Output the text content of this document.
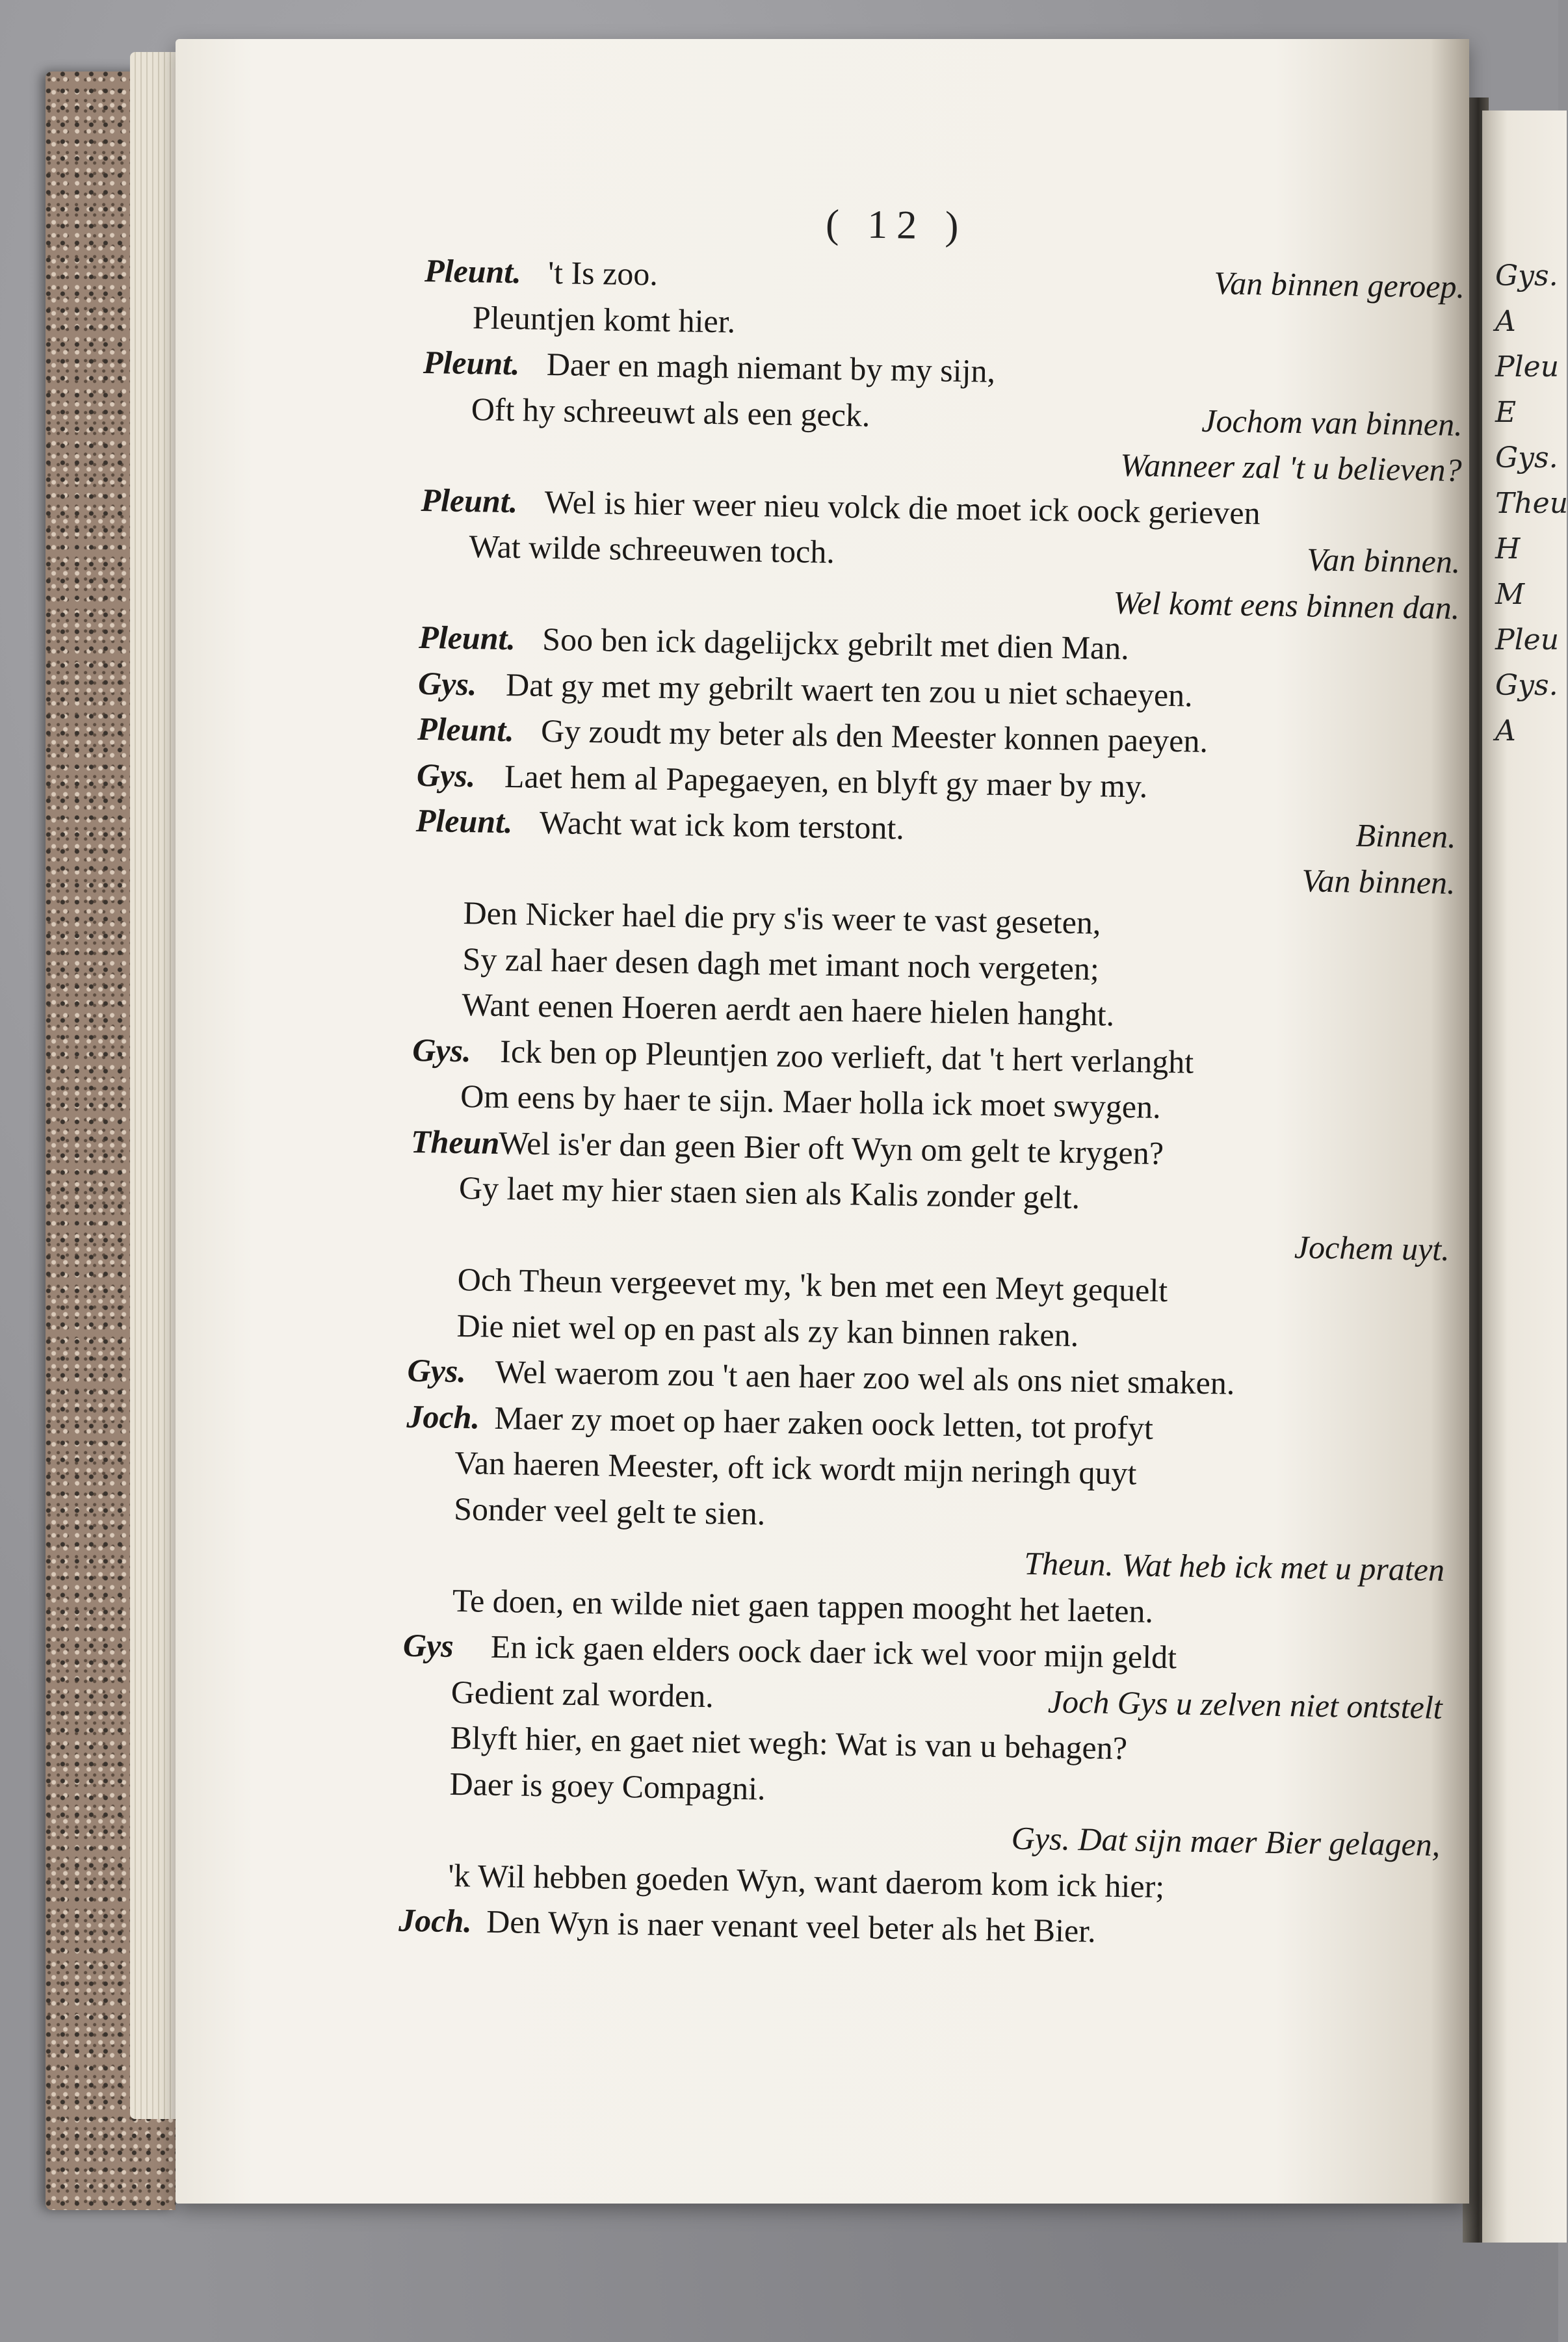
Gys.
A
Pleu
E
Gys.
Theu
H
M
Pleu
Gys.
A
( 12 )
Pleunt. 't Is zoo.	Van binnen geroep.
Pleuntjen komt hier.
Pleunt. Daer en magh niemant by my sijn,
Oft hy schreeuwt als een geck.	Jochom van binnen.
Wanneer zal 't u believen?
Pleunt. Wel is hier weer nieu volck die moet ick oock gerieven
Wat wilde schreeuwen toch.	Van binnen.
Wel komt eens binnen dan.
Pleunt. Soo ben ick dagelijckx gebrilt met dien Man.
Gys. Dat gy met my gebrilt waert ten zou u niet schaeyen.
Pleunt. Gy zoudt my beter als den Meester konnen paeyen.
Gys. Laet hem al Papegaeyen, en blyft gy maer by my.
Pleunt. Wacht wat ick kom terstont.	Binnen.
Van binnen.
Den Nicker hael die pry s'is weer te vast geseten,
Sy zal haer desen dagh met imant noch vergeten;
Want eenen Hoeren aerdt aen haere hielen hanght.
Gys. Ick ben op Pleuntjen zoo verlieft, dat 't hert verlanght
Om eens by haer te sijn. Maer holla ick moet swygen.
Theun
Wel is'er dan geen Bier oft Wyn om gelt te krygen?
Gy laet my hier staen sien als Kalis zonder gelt.
Jochem uyt.
Och Theun vergeevet my, 'k ben met een Meyt gequelt
Die niet wel op en past als zy kan binnen raken.
Gys. Wel waerom zou 't aen haer zoo wel als ons niet smaken.
Joch. Maer zy moet op haer zaken oock letten, tot profyt
Van haeren Meester, oft ick wordt mijn neringh quyt
Sonder veel gelt te sien.
Theun. Wat heb ick met u praten
Te doen, en wilde niet gaen tappen mooght het laeten.
Gys En ick gaen elders oock daer ick wel voor mijn geldt
Gedient zal worden.	Joch Gys u zelven niet ontstelt
Blyft hier, en gaet niet wegh: Wat is van u behagen?
Daer is goey Compagni.
Gys. Dat sijn maer Bier gelagen,
'k Wil hebben goeden Wyn, want daerom kom ick hier;
Joch. Den Wyn is naer venant veel beter als het Bier.
